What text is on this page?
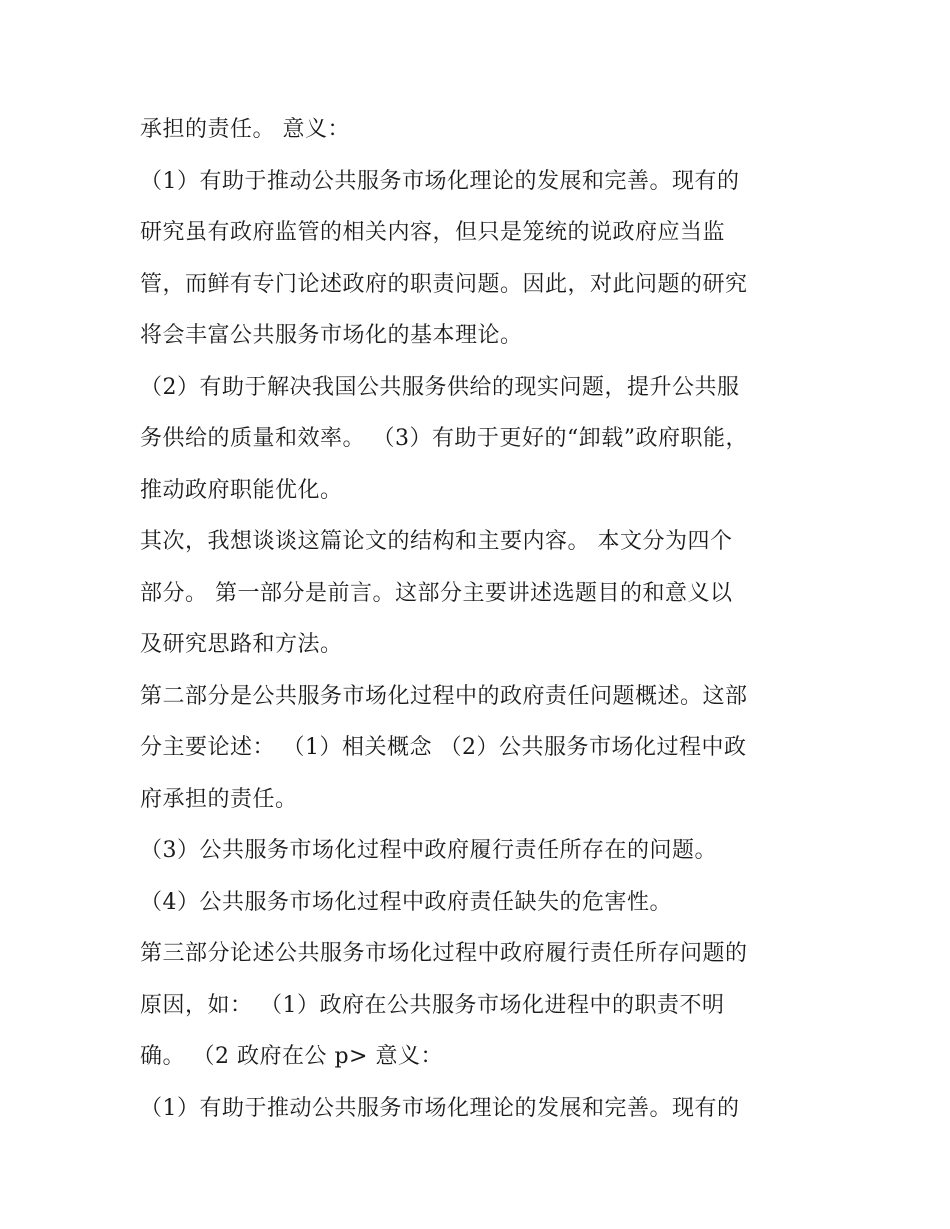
承担的责任。 意义：
（1）有助于推动公共服务市场化理论的发展和完善。现有的
研究虽有政府监管的相关内容，但只是笼统的说政府应当监
管，而鲜有专门论述政府的职责问题。因此，对此问题的研究
将会丰富公共服务市场化的基本理论。
（2）有助于解决我国公共服务供给的现实问题，提升公共服
务供给的质量和效率。 （3）有助于更好的“卸载”政府职能，
推动政府职能优化。
其次，我想谈谈这篇论文的结构和主要内容。 本文分为四个
部分。 第一部分是前言。这部分主要讲述选题目的和意义以
及研究思路和方法。
第二部分是公共服务市场化过程中的政府责任问题概述。这部
分主要论述： （1）相关概念 （2）公共服务市场化过程中政
府承担的责任。
（3）公共服务市场化过程中政府履行责任所存在的问题。
（4）公共服务市场化过程中政府责任缺失的危害性。
第三部分论述公共服务市场化过程中政府履行责任所存问题的
原因，如： （1）政府在公共服务市场化进程中的职责不明
确。 （2 政府在公 p> 意义：
（1）有助于推动公共服务市场化理论的发展和完善。现有的
